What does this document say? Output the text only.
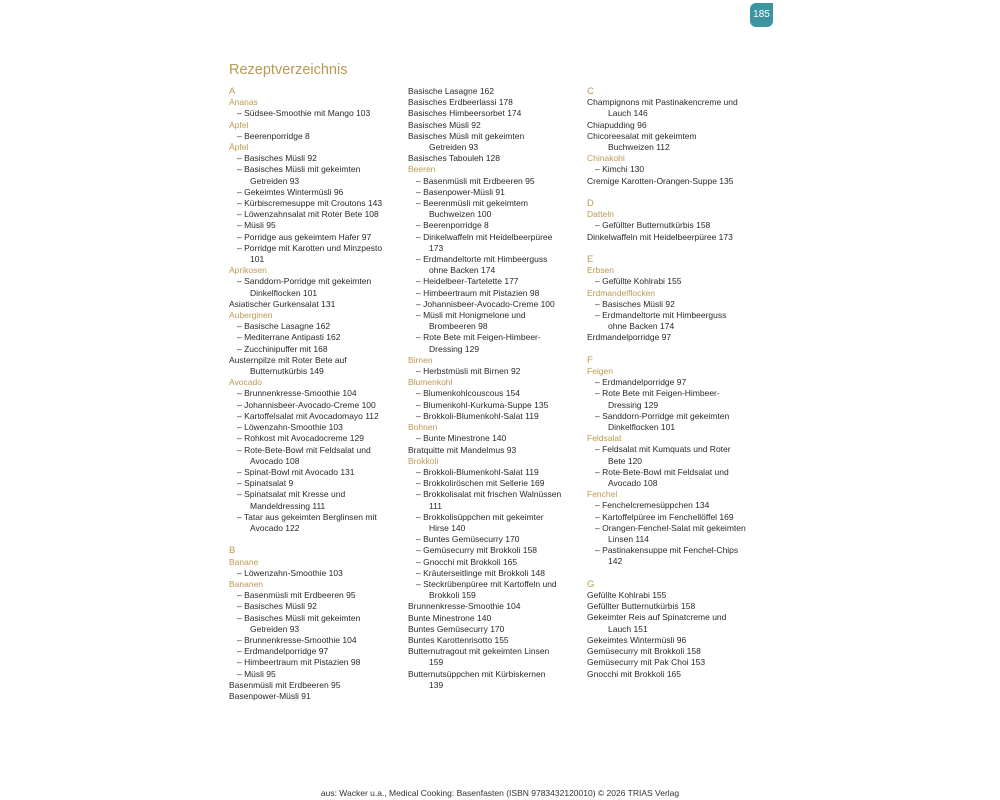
185
Rezeptverzeichnis
A
Ananas
– Südsee-Smoothie mit Mango 103
Apfel
– Beerenporridge 8
Äpfel
– Basisches Müsli 92
– Basisches Müsli mit gekeimten
Getreiden 93
– Gekeimtes Wintermüsli 96
– Kürbiscremesuppe mit Croutons 143
– Löwenzahnsalat mit Roter Bete 108
– Müsli 95
– Porridge aus gekeimtem Hafer 97
– Porridge mit Karotten und Minzpesto
101
Aprikosen
– Sanddorn-Porridge mit gekeimten
Dinkelflocken 101
Asiatischer Gurkensalat 131
Auberginen
– Basische Lasagne 162
– Mediterrane Antipasti 162
– Zucchinipuffer mit 168
Austernpilze mit Roter Bete auf
Butternutkürbis 149
Avocado
– Brunnenkresse-Smoothie 104
– Johannisbeer-Avocado-Creme 100
– Kartoffelsalat mit Avocadomayo 112
– Löwenzahn-Smoothie 103
– Rohkost mit Avocadocreme 129
– Rote-Bete-Bowl mit Feldsalat und
Avocado 108
– Spinat-Bowl mit Avocado 131
– Spinatsalat 9
– Spinatsalat mit Kresse und
Mandeldressing 111
– Tatar aus gekeimten Berglinsen mit
Avocado 122
B
Banane
– Löwenzahn-Smoothie 103
Bananen
– Basenmüsli mit Erdbeeren 95
– Basisches Müsli 92
– Basisches Müsli mit gekeimten
Getreiden 93
– Brunnenkresse-Smoothie 104
– Erdmandelporridge 97
– Himbeertraum mit Pistazien 98
– Müsli 95
Basenmüsli mit Erdbeeren 95
Basenpower-Müsli 91
Basische Lasagne 162
Basisches Erdbeerlassi 178
Basisches Himbeersorbet 174
Basisches Müsli 92
Basisches Müsli mit gekeimten
Getreiden 93
Basisches Tabouleh 128
Beeren
– Basenmüsli mit Erdbeeren 95
– Basenpower-Müsli 91
– Beerenmüsli mit gekeimtem
Buchweizen 100
– Beerenporridge 8
– Dinkelwaffeln mit Heidelbeerpüree
173
– Erdmandeltorte mit Himbeerguss
ohne Backen 174
– Heidelbeer-Tartelette 177
– Himbeertraum mit Pistazien 98
– Johannisbeer-Avocado-Creme 100
– Müsli mit Honigmelone und
Brombeeren 98
– Rote Bete mit Feigen-Himbeer-
Dressing 129
Birnen
– Herbstmüsli mit Birnen 92
Blumenkohl
– Blumenkohlcouscous 154
– Blumenkohl-Kurkuma-Suppe 135
– Brokkoli-Blumenkohl-Salat 119
Bohnen
– Bunte Minestrone 140
Bratquitte mit Mandelmus 93
Brokkoli
– Brokkoli-Blumenkohl-Salat 119
– Brokkoliröschen mit Sellerie 169
– Brokkolisalat mit frischen Walnüssen
111
– Brokkolisüppchen mit gekeimter
Hirse 140
– Buntes Gemüsecurry 170
– Gemüsecurry mit Brokkoli 158
– Gnocchi mit Brokkoli 165
– Kräuterseitlinge mit Brokkoli 148
– Steckrübenpüree mit Kartoffeln und
Brokkoli 159
Brunnenkresse-Smoothie 104
Bunte Minestrone 140
Buntes Gemüsecurry 170
Buntes Karottenrisotto 155
Butternutragout mit gekeimten Linsen
159
Butternutsüppchen mit Kürbiskernen
139
C
Champignons mit Pastinakencreme und
Lauch 146
Chiapudding 96
Chicoreesalat mit gekeimtem
Buchweizen 112
Chinakohl
– Kimchi 130
Cremige Karotten-Orangen-Suppe 135
D
Datteln
– Gefüllter Butternutkürbis 158
Dinkelwaffeln mit Heidelbeerpüree 173
E
Erbsen
– Gefüllte Kohlrabi 155
Erdmandelflocken
– Basisches Müsli 92
– Erdmandeltorte mit Himbeerguss
ohne Backen 174
Erdmandelporridge 97
F
Feigen
– Erdmandelporridge 97
– Rote Bete mit Feigen-Himbeer-
Dressing 129
– Sanddorn-Porridge mit gekeimten
Dinkelflocken 101
Feldsalat
– Feldsalat mit Kumquats und Roter
Bete 120
– Rote-Bete-Bowl mit Feldsalat und
Avocado 108
Fenchel
– Fenchelcremesüppchen 134
– Kartoffelpüree im Fenchellöffel 169
– Orangen-Fenchel-Salat mit gekeimten
Linsen 114
– Pastinakensuppe mit Fenchel-Chips
142
G
Gefüllte Kohlrabi 155
Gefüllter Butternutkürbis 158
Gekeimter Reis auf Spinatcreme und
Lauch 151
Gekeimtes Wintermüsli 96
Gemüsecurry mit Brokkoli 158
Gemüsecurry mit Pak Choi 153
Gnocchi mit Brokkoli 165
aus: Wacker u.a., Medical Cooking: Basenfasten (ISBN 9783432120010) © 2026 TRIAS Verlag
